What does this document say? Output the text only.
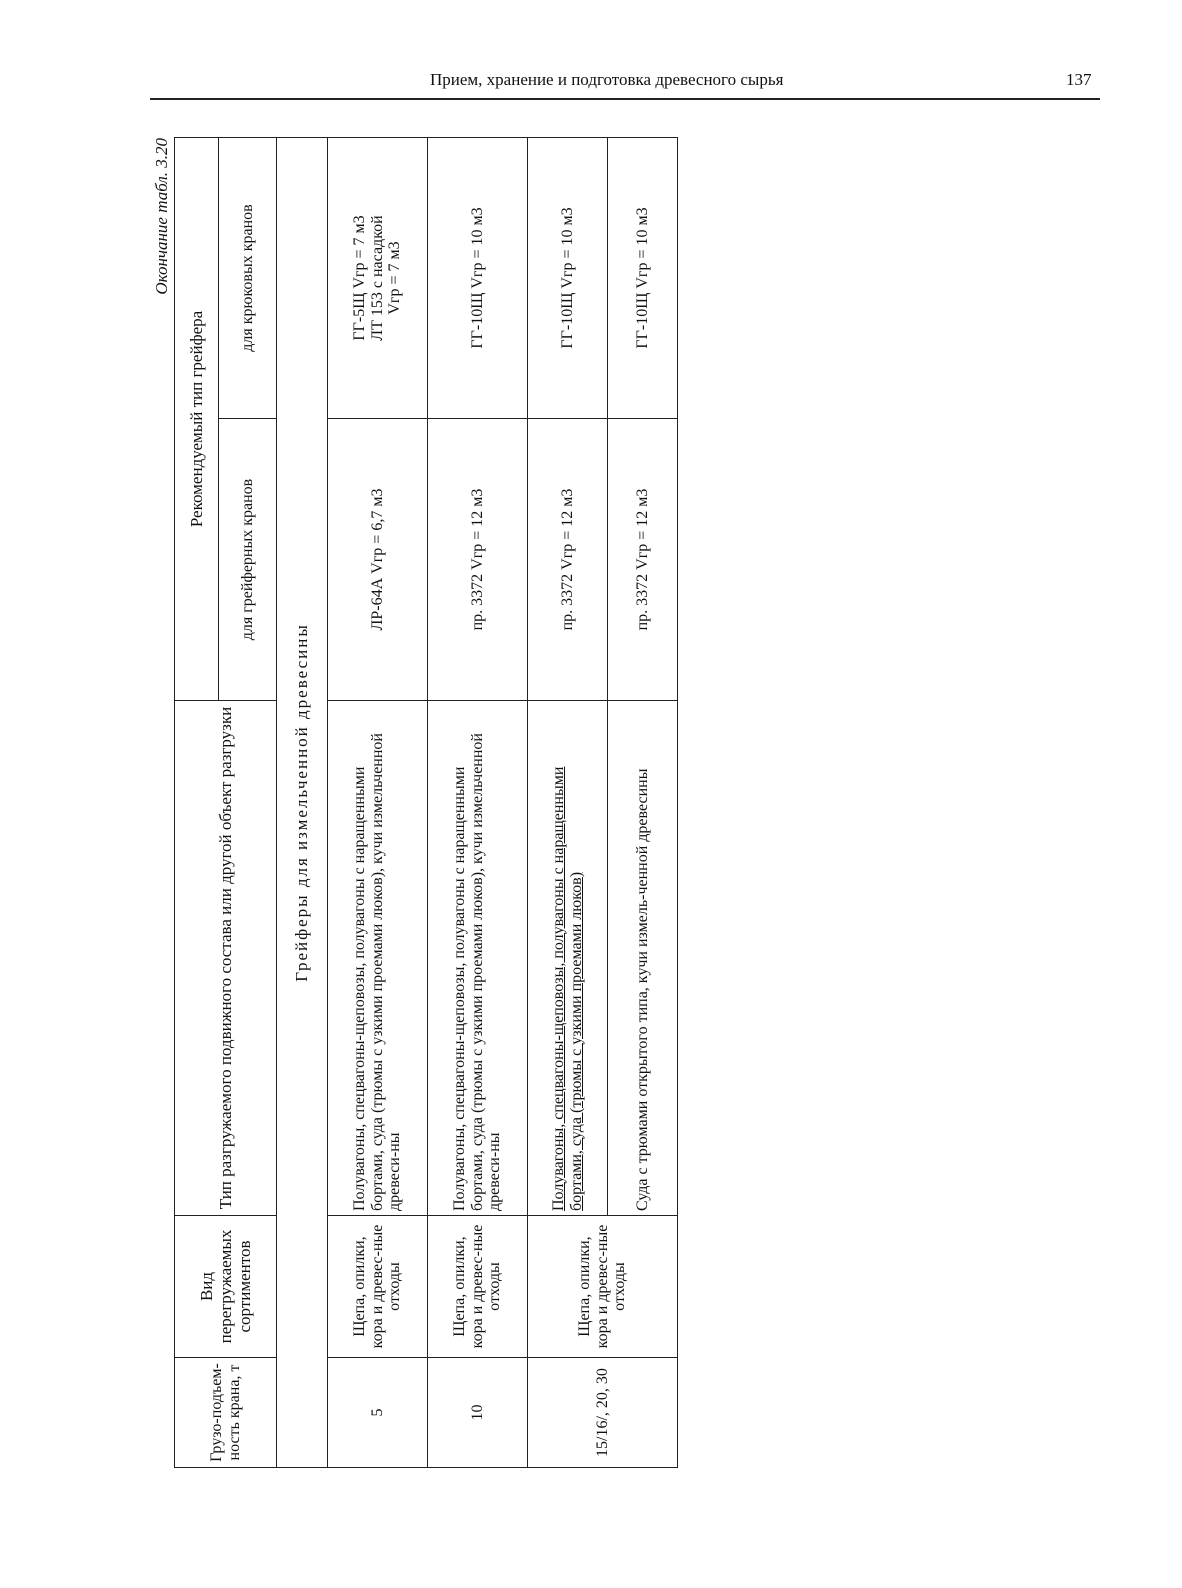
Прием, хранение и подготовка древесного сырья	137
Окончание табл. 3.20
Грузо-подъем-ность крана, т	Вид перегружаемых сортиментов	Тип разгружаемого подвижного состава или другой объект разгрузки	Рекомендуемый тип грейфера	
			для грейферных кранов	для крюковых кранов
Грейферы для измельченной древесины				
5	Щепа, опилки, кора и древес-ные отходы	Полувагоны, спецвагоны-щеповозы, полувагоны с наращенными бортами, суда (трюмы с узкими проемами люков), кучи измельченной древеси-ны	ЛР-64А Vгр = 6,7 м3	ГГ-5Щ Vгр = 7 м3 ЛТ 153 с насадкой Vгр = 7 м3

10	Щепа, опилки, кора и древес-ные отходы	Полувагоны, спецвагоны-щеповозы, полувагоны с наращенными бортами, суда (трюмы с узкими проемами люков), кучи измельченной древеси-ны	пр. 3372 Vгр = 12 м3	ГГ-10Щ Vгр = 10 м3
15/16/, 20, 30	Щепа, опилки, кора и древес-ные отходы	Полувагоны, спецвагоны-щеповозы, полувагоны с наращенными бортами, суда (трюмы с узкими проемами люков)	пр. 3372 Vгр = 12 м3	ГГ-10Щ Vгр = 10 м3
		Суда с трюмами открытого типа, кучи измель-ченной древесины	пр. 3372 Vгр = 12 м3	ГГ-10Щ Vгр = 10 м3
